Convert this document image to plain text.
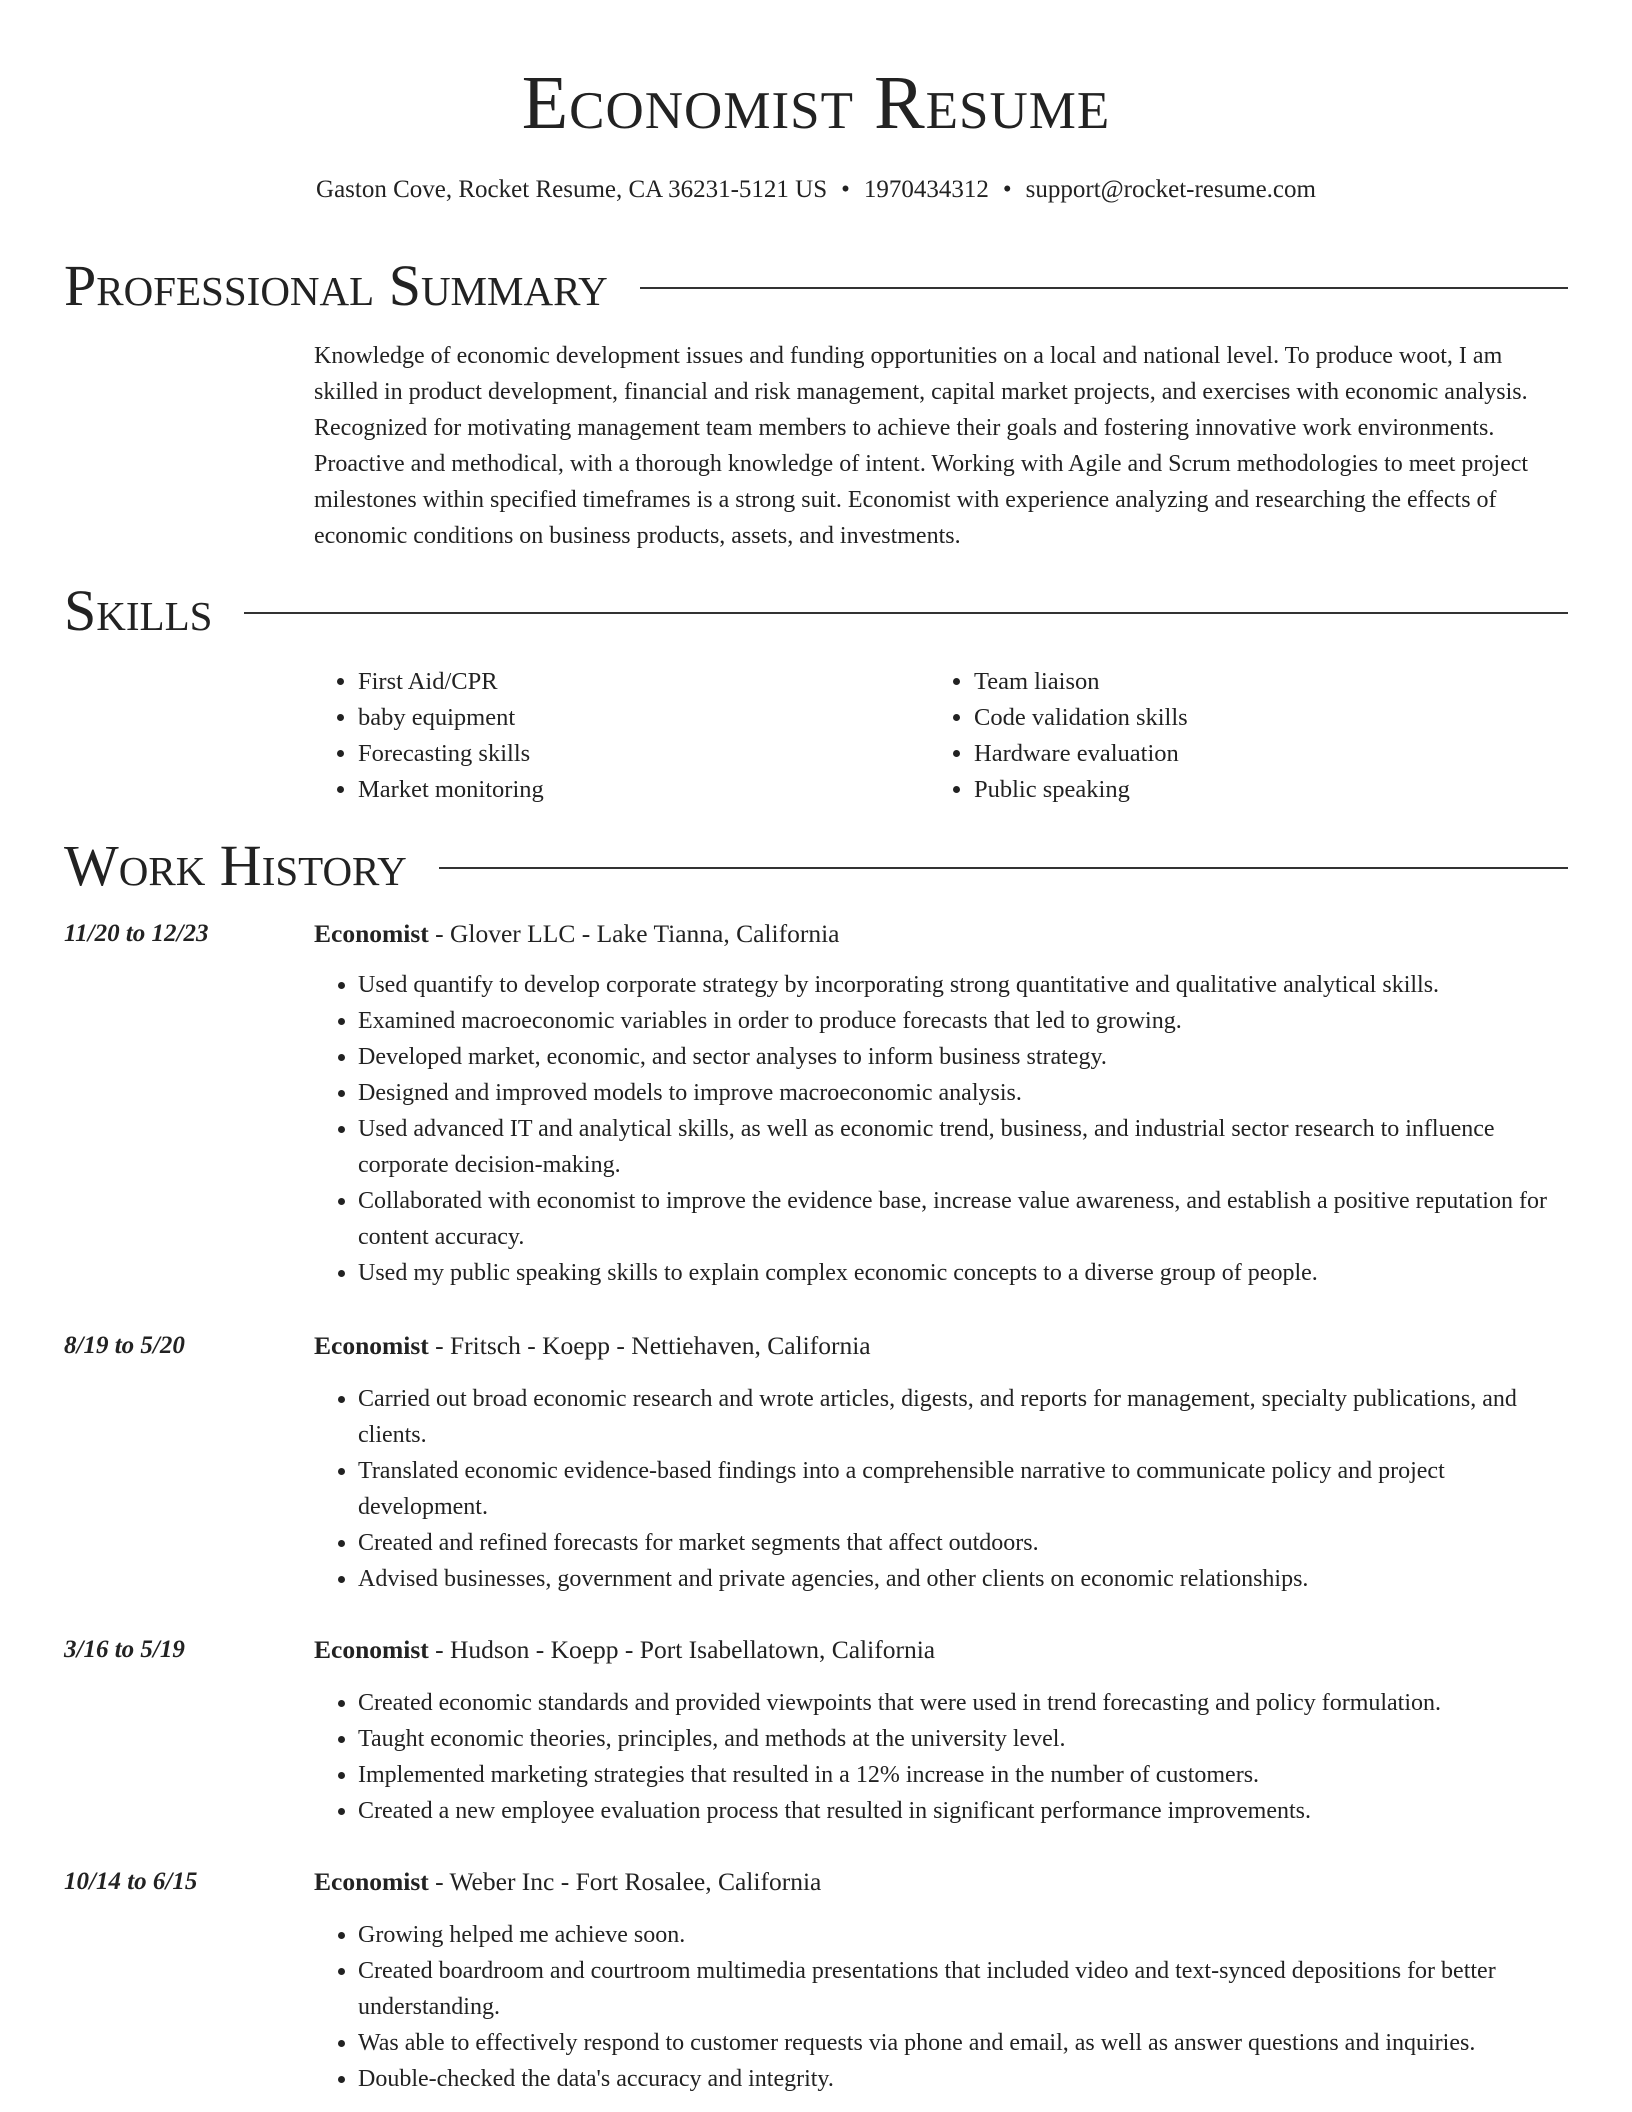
Economist Resume
Gaston Cove, Rocket Resume, CA 36231-5121 US • 1970434312 • support@rocket-resume.com
Professional Summary

Knowledge of economic development issues and funding opportunities on a local and national level. To produce woot, I am skilled in product development, financial and risk management, capital market projects, and exercises with economic analysis. Recognized for motivating management team members to achieve their goals and fostering innovative work environments. Proactive and methodical, with a thorough knowledge of intent. Working with Agile and Scrum methodologies to meet project milestones within specified timeframes is a strong suit. Economist with experience analyzing and researching the effects of economic conditions on business products, assets, and investments.

Skills
• First Aid/CPR
• baby equipment
• Forecasting skills
• Market monitoring
• Team liaison
• Code validation skills
• Hardware evaluation
• Public speaking
Work History
11/20 to 12/23	Economist - Glover LLC - Lake Tianna, California
• Used quantify to develop corporate strategy by incorporating strong quantitative and qualitative analytical skills.
• Examined macroeconomic variables in order to produce forecasts that led to growing.
• Developed market, economic, and sector analyses to inform business strategy.
• Designed and improved models to improve macroeconomic analysis.
• Used advanced IT and analytical skills, as well as economic trend, business, and industrial sector research to influence corporate decision-making.
• Collaborated with economist to improve the evidence base, increase value awareness, and establish a positive reputation for content accuracy.
• Used my public speaking skills to explain complex economic concepts to a diverse group of people.
8/19 to 5/20	Economist - Fritsch - Koepp - Nettiehaven, California
• Carried out broad economic research and wrote articles, digests, and reports for management, specialty publications, and clients.
• Translated economic evidence-based findings into a comprehensible narrative to communicate policy and project development.
• Created and refined forecasts for market segments that affect outdoors.
• Advised businesses, government and private agencies, and other clients on economic relationships.
3/16 to 5/19	Economist - Hudson - Koepp - Port Isabellatown, California
• Created economic standards and provided viewpoints that were used in trend forecasting and policy formulation.
• Taught economic theories, principles, and methods at the university level.
• Implemented marketing strategies that resulted in a 12% increase in the number of customers.
• Created a new employee evaluation process that resulted in significant performance improvements.
10/14 to 6/15	Economist - Weber Inc - Fort Rosalee, California
• Growing helped me achieve soon.
• Created boardroom and courtroom multimedia presentations that included video and text-synced depositions for better understanding.
• Was able to effectively respond to customer requests via phone and email, as well as answer questions and inquiries.
• Double-checked the data's accuracy and integrity.
